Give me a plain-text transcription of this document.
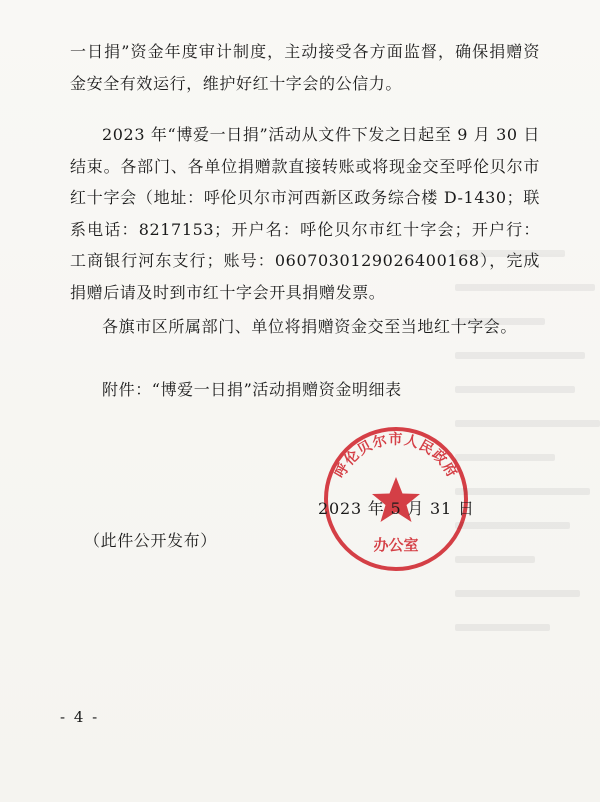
一日捐”资金年度审计制度，主动接受各方面监督，确保捐赠资金安全有效运行，维护好红十字会的公信力。

2023 年“博爱一日捐”活动从文件下发之日起至 9 月 30 日结束。各部门、各单位捐赠款直接转账或将现金交至呼伦贝尔市红十字会（地址：呼伦贝尔市河西新区政务综合楼 D-1430；联系电话：8217153；开户名：呼伦贝尔市红十字会；开户行：工商银行河东支行；账号：0607030129026400168），完成捐赠后请及时到市红十字会开具捐赠发票。

各旗市区所属部门、单位将捐赠资金交至当地红十字会。

附件：“博爱一日捐”活动捐赠资金明细表
呼伦贝尔市人民政府
办公室
2023 年 5 月 31 日
（此件公开发布）
- 4 -
